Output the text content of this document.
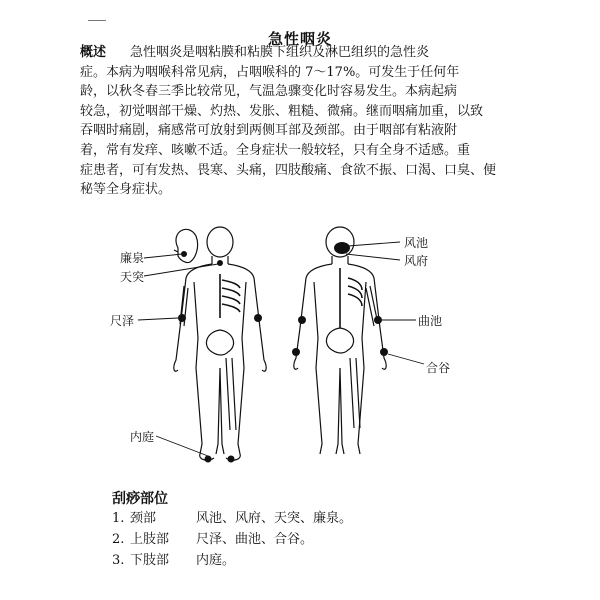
急性咽炎
概述 急性咽炎是咽粘膜和粘膜下组织及淋巴组织的急性炎
症。本病为咽喉科常见病，占咽喉科的 7～17%。可发生于任何年
龄，以秋冬春三季比较常见，气温急骤变化时容易发生。本病起病
较急，初觉咽部干燥、灼热、发胀、粗糙、微痛。继而咽痛加重，以致
吞咽时痛剧，痛感常可放射到两侧耳部及颈部。由于咽部有粘液附
着，常有发痒、咳嗽不适。全身症状一般较轻，只有全身不适感。重
症患者，可有发热、畏寒、头痛，四肢酸痛、食欲不振、口渴、口臭、便
秘等全身症状。
廉泉
天突
尺泽
内庭
风池
风府
曲池
合谷
刮痧部位
1. 颈部	风池、风府、天突、廉泉。
2. 上肢部 尺泽、曲池、合谷。
3. 下肢部 内庭。
